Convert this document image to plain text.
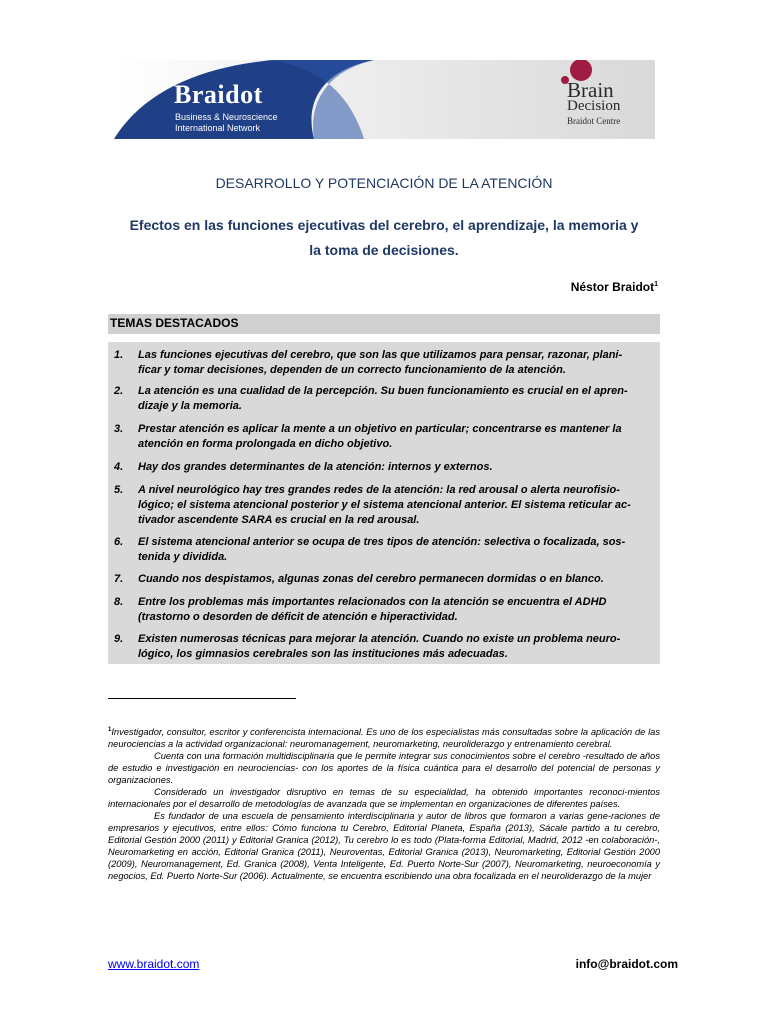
Braidot
Business & Neuroscience
International Network
Brain
Decision
Braidot Centre
DESARROLLO Y POTENCIACIÓN DE LA ATENCIÓN
Efectos en las funciones ejecutivas del cerebro, el aprendizaje, la memoria y
la toma de decisiones.
Néstor Braidot$^1$
TEMAS DESTACADOS
1.	Las funciones ejecutivas del cerebro, que son las que utilizamos para pensar, razonar, plani-
ficar y tomar decisiones, dependen de un correcto funcionamiento de la atención.
2.	La atención es una cualidad de la percepción. Su buen funcionamiento es crucial en el apren-
dizaje y la memoria.
3.	Prestar atención es aplicar la mente a un objetivo en particular; concentrarse es mantener la
atención en forma prolongada en dicho objetivo.
4.	Hay dos grandes determinantes de la atención: internos y externos.
5.	A nivel neurológico hay tres grandes redes de la atención: la red arousal o alerta neurofisio-
lógico; el sistema atencional posterior y el sistema atencional anterior. El sistema reticular ac-
tivador ascendente SARA es crucial en la red arousal.
6.	El sistema atencional anterior se ocupa de tres tipos de atención: selectiva o focalizada, sos-
tenida y dividida.
7.	Cuando nos despistamos, algunas zonas del cerebro permanecen dormidas o en blanco.
8.	Entre los problemas más importantes relacionados con la atención se encuentra el ADHD
(trastorno o desorden de déficit de atención e hiperactividad.
9.	Existen numerosas técnicas para mejorar la atención. Cuando no existe un problema neuro-
lógico, los gimnasios cerebrales son las instituciones más adecuadas.

$^1$Investigador, consultor, escritor y conferencista internacional. Es uno de los especialistas más consultadas sobre la aplicación de las neurociencias a la actividad organizacional: neuromanagement, neuromarketing, neuroliderazgo y entrenamiento cerebral.

Cuenta con una formación multidisciplinaria que le permite integrar sus conocimientos sobre el cerebro -resultado de años de estudio e investigación en neurociencias- con los aportes de la física cuántica para el desarrollo del potencial de personas y organizaciones.

Considerado un investigador disruptivo en temas de su especialidad, ha obtenido importantes reconoci-mientos internacionales por el desarrollo de metodologías de avanzada que se implementan en organizaciones de diferentes países.

Es fundador de una escuela de pensamiento interdisciplinaria y autor de libros que formaron a varias gene-raciones de empresarios y ejecutivos, entre ellos: Cómo funciona tu Cerebro, Editorial Planeta, España (2013), Sácale partido a tu cerebro, Editorial Gestión 2000 (2011) y Editorial Granica (2012), Tu cerebro lo es todo (Plata-forma Editorial, Madrid, 2012 -en colaboración-, Neuromarketing en acción, Editorial Granica (2011), Neuroventas, Editorial Granica (2013), Neuromarketing, Editorial Gestión 2000 (2009), Neuromanagement, Ed. Granica (2008), Venta Inteligente, Ed. Puerto Norte-Sur (2007), Neuromarketing, neuroeconomía y negocios, Ed. Puerto Norte-Sur (2006). Actualmente, se encuentra escribiendo una obra focalizada en el neuroliderazgo de la mujer

www.braidot.com	info@braidot.com
